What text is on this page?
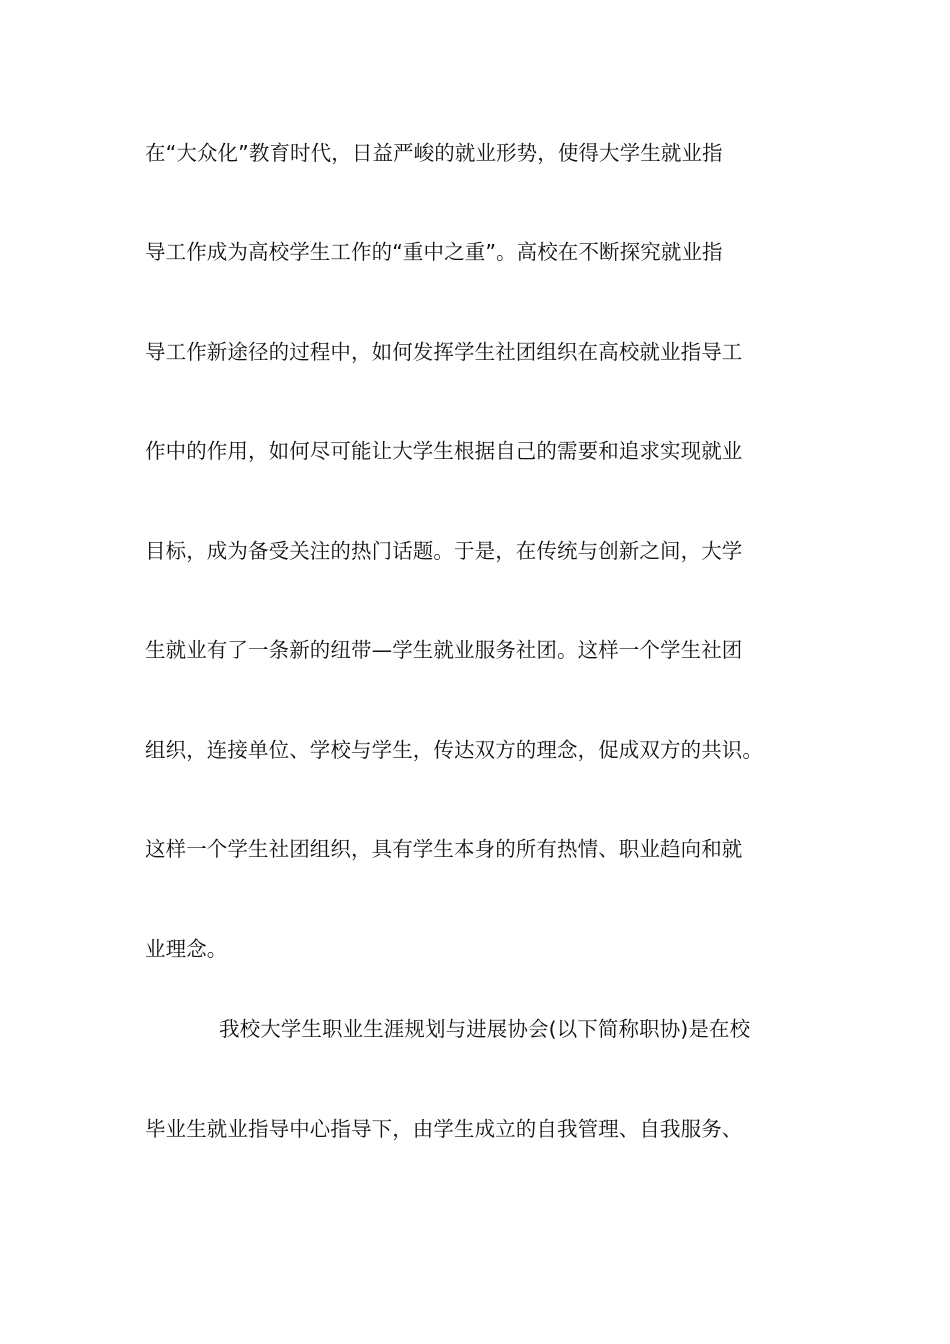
在“大众化”教育时代，日益严峻的就业形势，使得大学生就业指
导工作成为高校学生工作的“重中之重”。高校在不断探究就业指
导工作新途径的过程中，如何发挥学生社团组织在高校就业指导工
作中的作用，如何尽可能让大学生根据自己的需要和追求实现就业
目标，成为备受关注的热门话题。于是，在传统与创新之间，大学
生就业有了一条新的纽带—学生就业服务社团。这样一个学生社团
组织，连接单位、学校与学生，传达双方的理念，促成双方的共识。
这样一个学生社团组织，具有学生本身的所有热情、职业趋向和就
业理念。
我校大学生职业生涯规划与进展协会(以下简称职协)是在校
毕业生就业指导中心指导下，由学生成立的自我管理、自我服务、
